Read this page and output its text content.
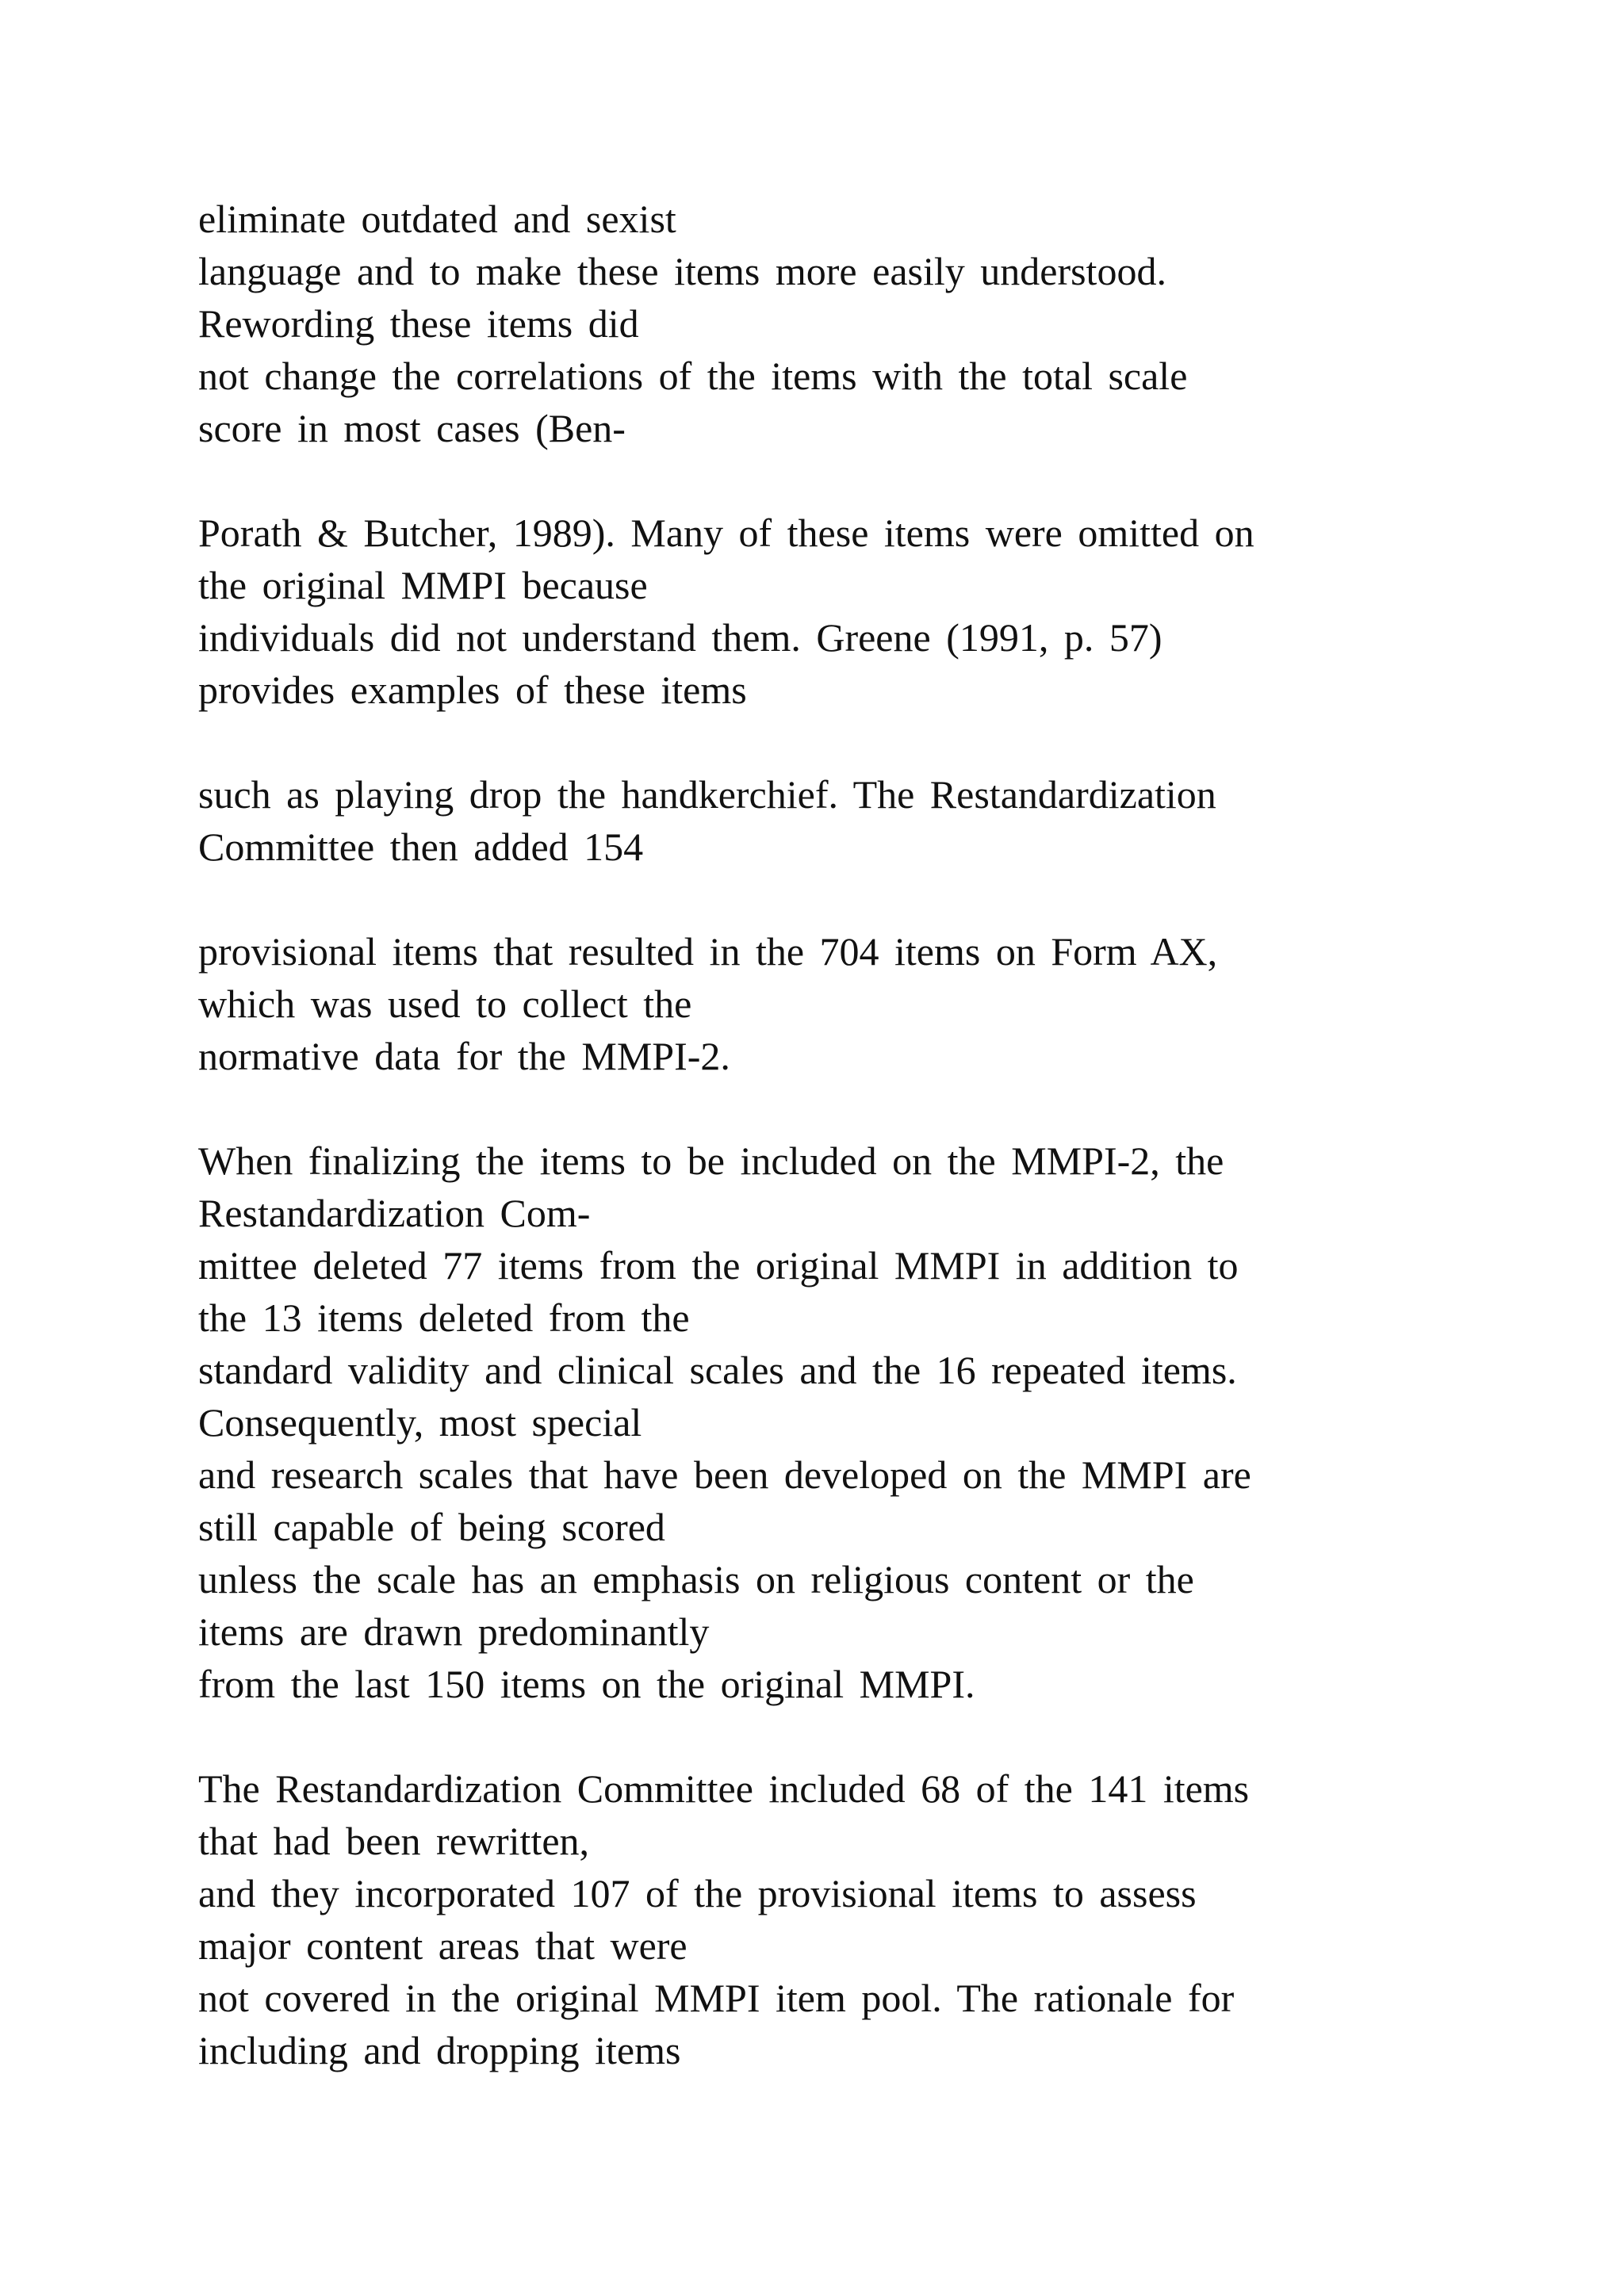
eliminate outdated and sexist
language and to make these items more easily understood.
Rewording these items did
not change the correlations of the items with the total scale
score in most cases (Ben-
Porath & Butcher, 1989). Many of these items were omitted on
the original MMPI because
individuals did not understand them. Greene (1991, p. 57)
provides examples of these items
such as playing drop the handkerchief. The Restandardization
Committee then added 154
provisional items that resulted in the 704 items on Form AX,
which was used to collect the
normative data for the MMPI-2.
When finalizing the items to be included on the MMPI-2, the
Restandardization Com-
mittee deleted 77 items from the original MMPI in addition to
the 13 items deleted from the
standard validity and clinical scales and the 16 repeated items.
Consequently, most special
and research scales that have been developed on the MMPI are
still capable of being scored
unless the scale has an emphasis on religious content or the
items are drawn predominantly
from the last 150 items on the original MMPI.
The Restandardization Committee included 68 of the 141 items
that had been rewritten,
and they incorporated 107 of the provisional items to assess
major content areas that were
not covered in the original MMPI item pool. The rationale for
including and dropping items
